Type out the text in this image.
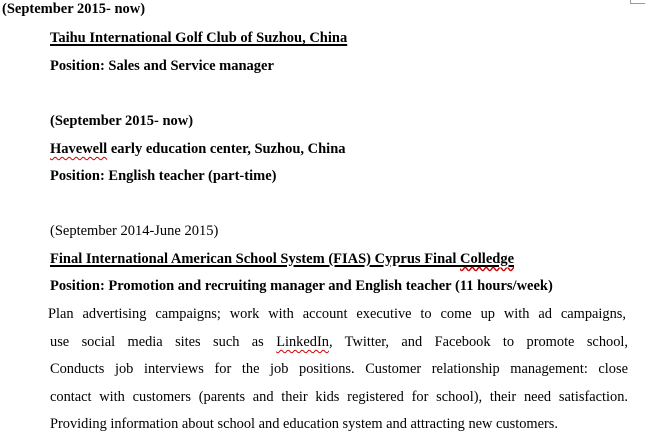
(September 2015- now)
Taihu International Golf Club of Suzhou, China
Position: Sales and Service manager
(September 2015- now)
Havewell early education center, Suzhou, China
Position: English teacher (part-time)
(September 2014-June 2015)
Final International American School System (FIAS) Cyprus Final Colledge
Position: Promotion and recruiting manager and English teacher (11 hours/week)
Plan advertising campaigns; work with account executive to come up with ad campaigns,
use social media sites such as LinkedIn, Twitter, and Facebook to promote school,
Conducts job interviews for the job positions. Customer relationship management: close
contact with customers (parents and their kids registered for school), their need satisfaction.
Providing information about school and education system and attracting new customers.
